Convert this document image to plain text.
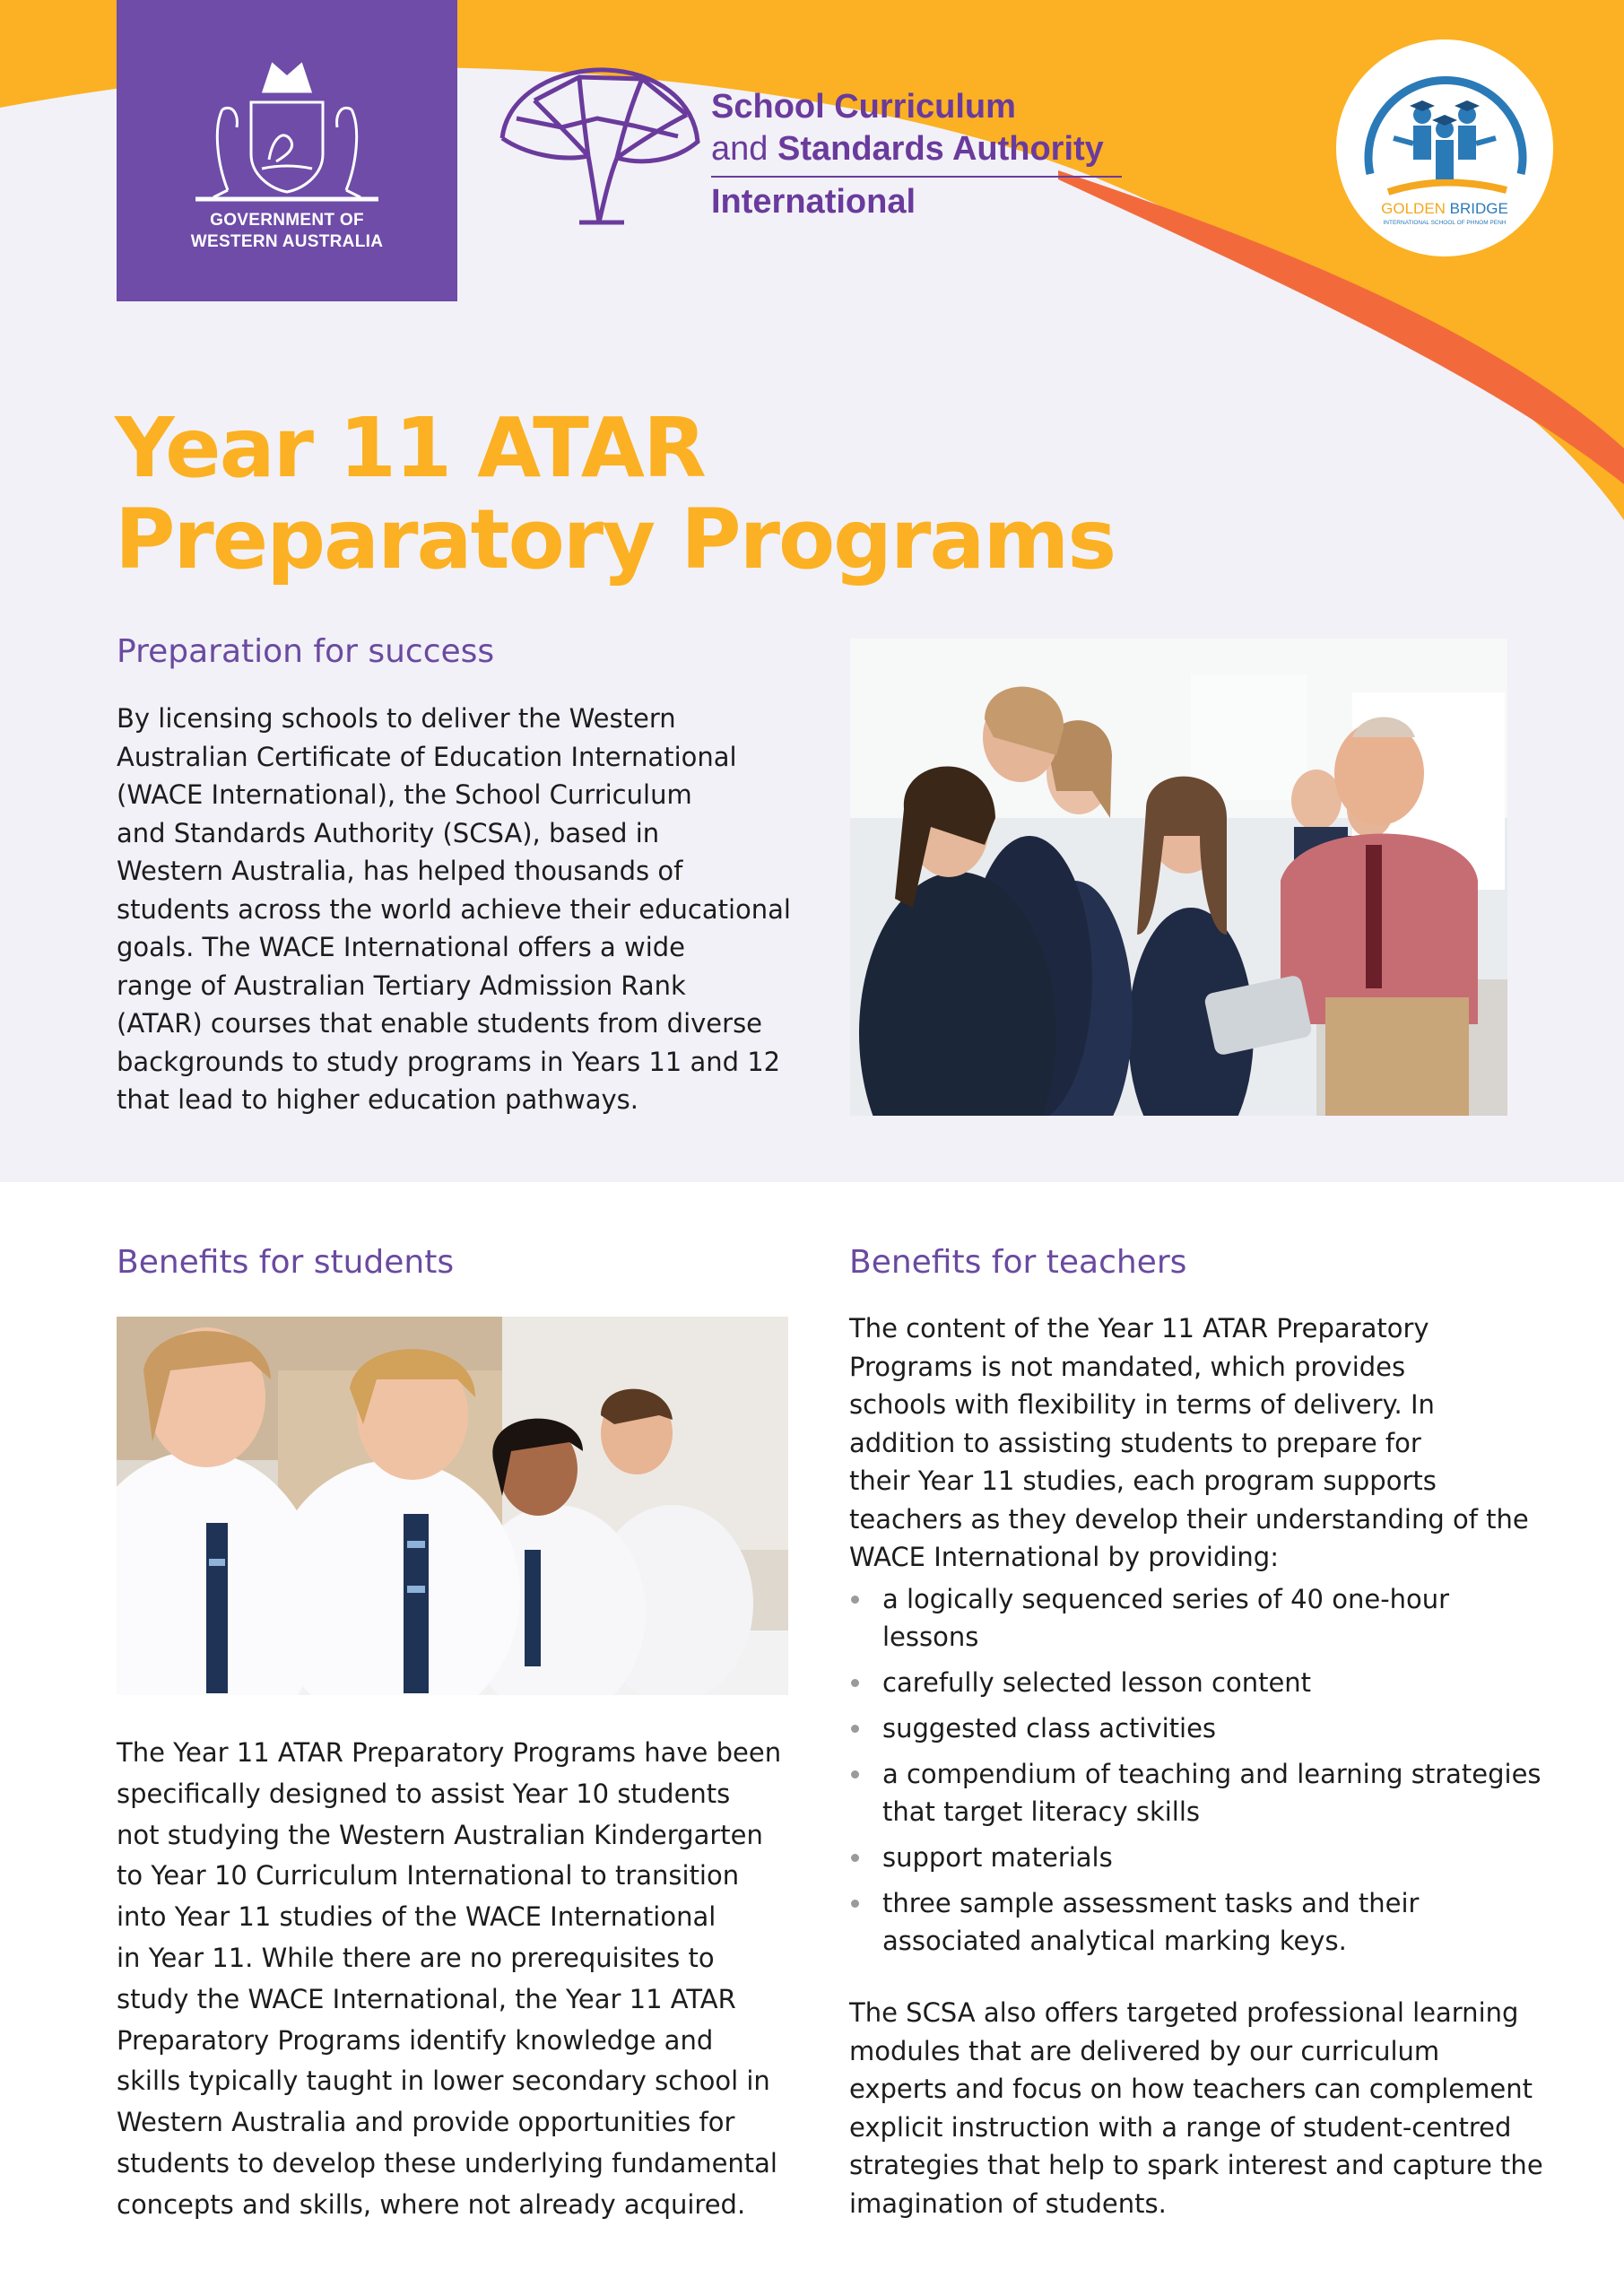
GOVERNMENT OF
WESTERN AUSTRALIA
School Curriculum
and Standards Authority
International	GOLDEN BRIDGE
INTERNATIONAL SCHOOL OF PHNOM PENH
Year 11 ATAR
Preparatory Programs
Preparation for success
By licensing schools to deliver the Western
Australian Certificate of Education International
(WACE International), the School Curriculum
and Standards Authority (SCSA), based in
Western Australia, has helped thousands of
students across the world achieve their educational
goals. The WACE International offers a wide
range of Australian Tertiary Admission Rank
(ATAR) courses that enable students from diverse
backgrounds to study programs in Years 11 and 12
that lead to higher education pathways.
Benefits for students
The Year 11 ATAR Preparatory Programs have been
specifically designed to assist Year 10 students
not studying the Western Australian Kindergarten
to Year 10 Curriculum International to transition
into Year 11 studies of the WACE International
in Year 11. While there are no prerequisites to
study the WACE International, the Year 11 ATAR
Preparatory Programs identify knowledge and
skills typically taught in lower secondary school in
Western Australia and provide opportunities for
students to develop these underlying fundamental
concepts and skills, where not already acquired.
Benefits for teachers
The content of the Year 11 ATAR Preparatory
Programs is not mandated, which provides
schools with flexibility in terms of delivery. In
addition to assisting students to prepare for
their Year 11 studies, each program supports
teachers as they develop their understanding of the
WACE International by providing:
a logically sequenced series of 40 one-hour
lessons
carefully selected lesson content
suggested class activities
a compendium of teaching and learning strategies
that target literacy skills
support materials
three sample assessment tasks and their
associated analytical marking keys.
The SCSA also offers targeted professional learning
modules that are delivered by our curriculum
experts and focus on how teachers can complement
explicit instruction with a range of student-centred
strategies that help to spark interest and capture the
imagination of students.
